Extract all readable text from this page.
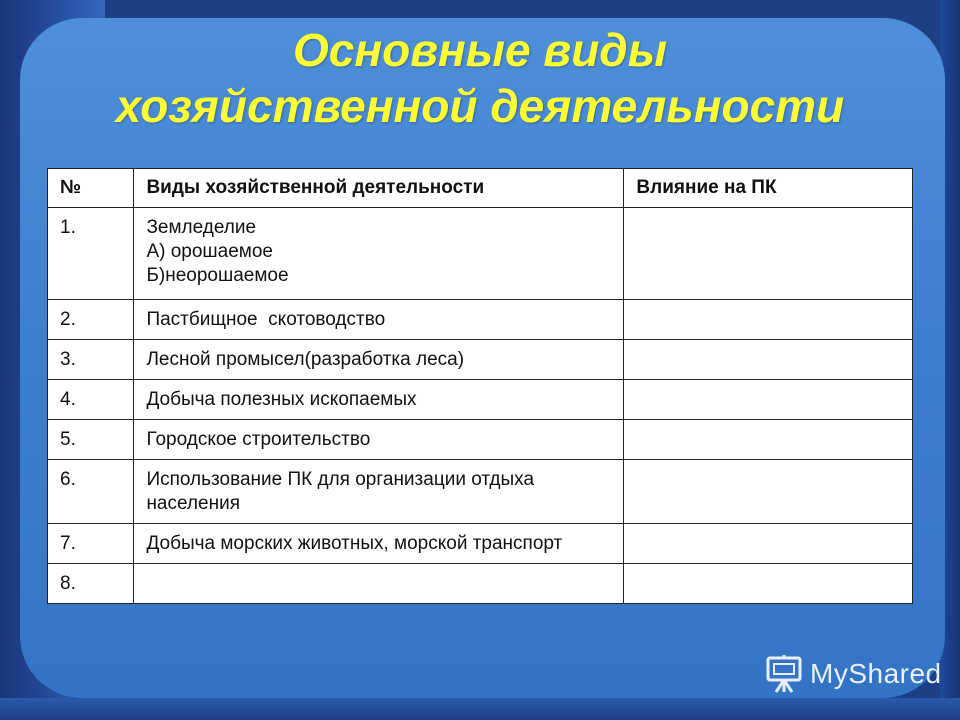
Основные виды
хозяйственной деятельности
№	Виды хозяйственной деятельности	Влияние на ПК
1.	Земледелие
А) орошаемое
Б)неорошаемое	

2.	Пастбищное  скотоводство	
3.	Лесной промысел(разработка леса)	
4.	Добыча полезных ископаемых	
5.	Городское строительство	
6.	Использование ПК для организации отдыха населения	
7.	Добыча морских животных, морской транспорт	
8.		
MyShared
